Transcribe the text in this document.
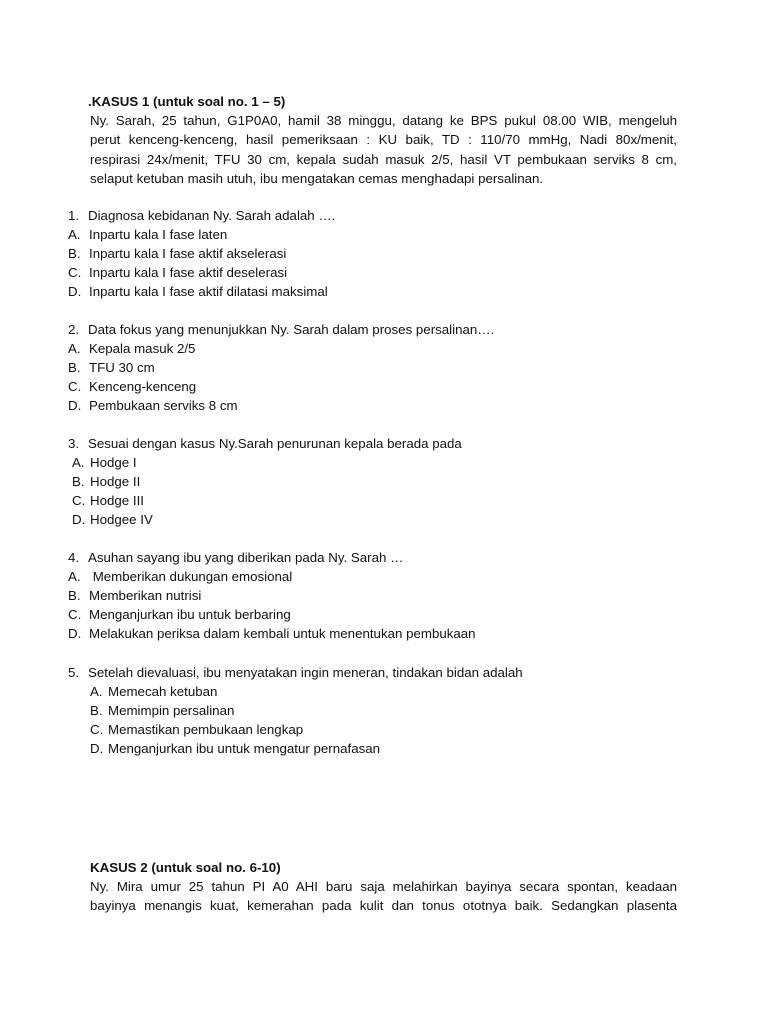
.KASUS 1 (untuk soal no. 1 – 5)
Ny. Sarah, 25 tahun, G1P0A0, hamil 38 minggu, datang ke BPS pukul 08.00 WIB, mengeluh
perut kenceng-kenceng, hasil pemeriksaan : KU baik, TD : 110/70 mmHg, Nadi 80x/menit,
respirasi 24x/menit, TFU 30 cm, kepala sudah masuk 2/5, hasil VT pembukaan serviks 8 cm,
selaput ketuban masih utuh, ibu mengatakan cemas menghadapi persalinan.
1. Diagnosa kebidanan Ny. Sarah adalah ….
A. Inpartu kala I fase laten
B. Inpartu kala I fase aktif akselerasi
C. Inpartu kala I fase aktif deselerasi
D. Inpartu kala I fase aktif dilatasi maksimal
2. Data fokus yang menunjukkan Ny. Sarah dalam proses persalinan….
A. Kepala masuk 2/5
B. TFU 30 cm
C. Kenceng-kenceng
D. Pembukaan serviks 8 cm
3. Sesuai dengan kasus Ny.Sarah penurunan kepala berada pada
A. Hodge I
B. Hodge II
C. Hodge III
D. Hodgee IV
4. Asuhan sayang ibu yang diberikan pada Ny. Sarah …
A. Memberikan dukungan emosional
B. Memberikan nutrisi
C. Menganjurkan ibu untuk berbaring
D. Melakukan periksa dalam kembali untuk menentukan pembukaan
5. Setelah dievaluasi, ibu menyatakan ingin meneran, tindakan bidan adalah
A. Memecah ketuban
B. Memimpin persalinan
C. Memastikan pembukaan lengkap
D. Menganjurkan ibu untuk mengatur pernafasan
KASUS 2 (untuk soal no. 6-10)
Ny. Mira umur 25 tahun PI A0 AHI baru saja melahirkan bayinya secara spontan, keadaan
bayinya menangis kuat, kemerahan pada kulit dan tonus ototnya baik. Sedangkan plasenta
